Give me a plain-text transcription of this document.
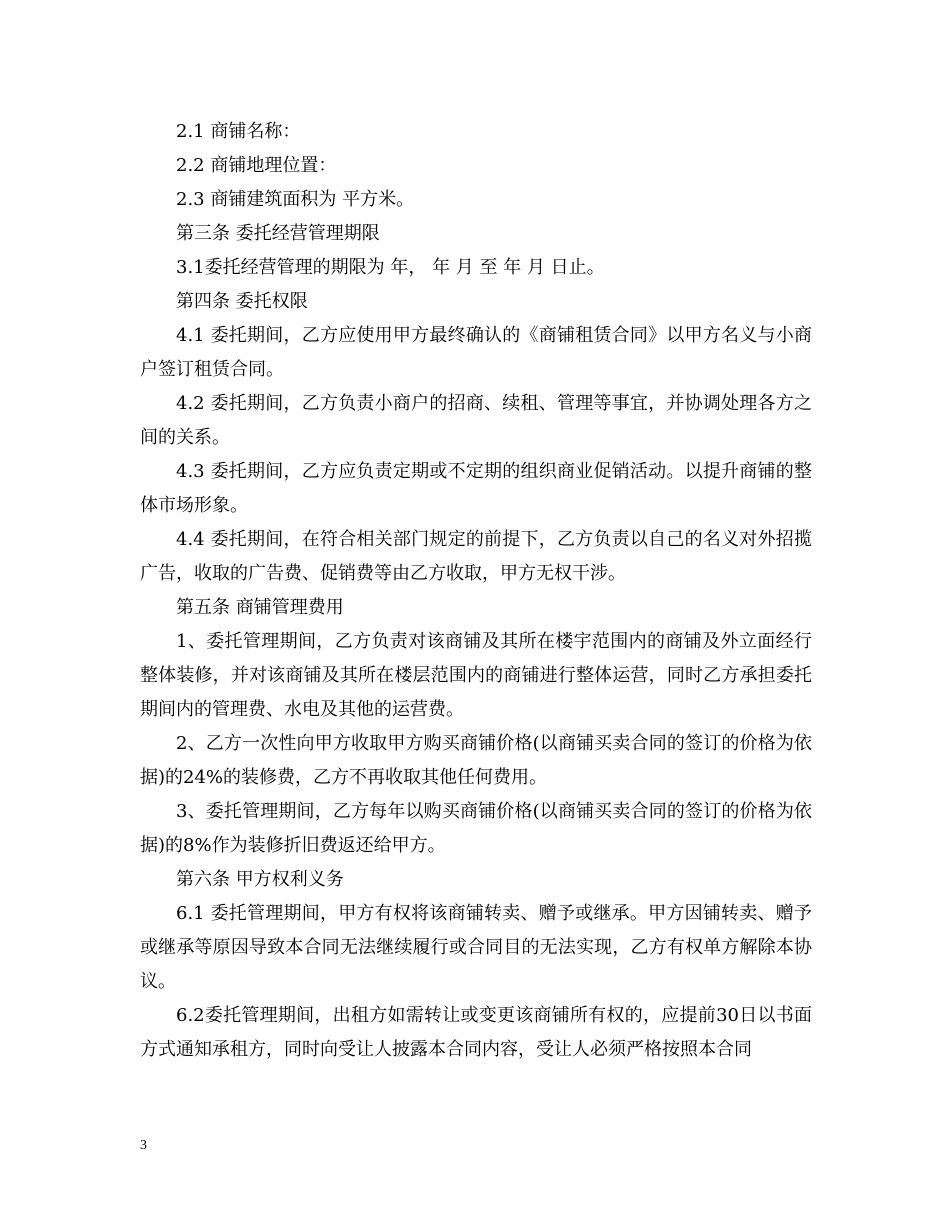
2.1 商铺名称：

2.2 商铺地理位置：

2.3 商铺建筑面积为 平方米。

第三条 委托经营管理期限

3.1委托经营管理的期限为 年， 年 月 至 年 月 日止。

第四条 委托权限

4.1 委托期间，乙方应使用甲方最终确认的《商铺租赁合同》以甲方名义与小商户签订租赁合同。

4.2 委托期间，乙方负责小商户的招商、续租、管理等事宜，并协调处理各方之间的关系。

4.3 委托期间，乙方应负责定期或不定期的组织商业促销活动。以提升商铺的整体市场形象。

4.4 委托期间，在符合相关部门规定的前提下，乙方负责以自己的名义对外招揽广告，收取的广告费、促销费等由乙方收取，甲方无权干涉。

第五条 商铺管理费用

1、委托管理期间，乙方负责对该商铺及其所在楼宇范围内的商铺及外立面经行整体装修，并对该商铺及其所在楼层范围内的商铺进行整体运营，同时乙方承担委托期间内的管理费、水电及其他的运营费。

2、乙方一次性向甲方收取甲方购买商铺价格(以商铺买卖合同的签订的价格为依据)的24%的装修费，乙方不再收取其他任何费用。

3、委托管理期间，乙方每年以购买商铺价格(以商铺买卖合同的签订的价格为依据)的8%作为装修折旧费返还给甲方。

第六条 甲方权利义务

6.1 委托管理期间，甲方有权将该商铺转卖、赠予或继承。甲方因铺转卖、赠予或继承等原因导致本合同无法继续履行或合同目的无法实现，乙方有权单方解除本协议。

6.2委托管理期间，出租方如需转让或变更该商铺所有权的，应提前30日以书面方式通知承租方，同时向受让人披露本合同内容，受让人必须严格按照本合同

3
